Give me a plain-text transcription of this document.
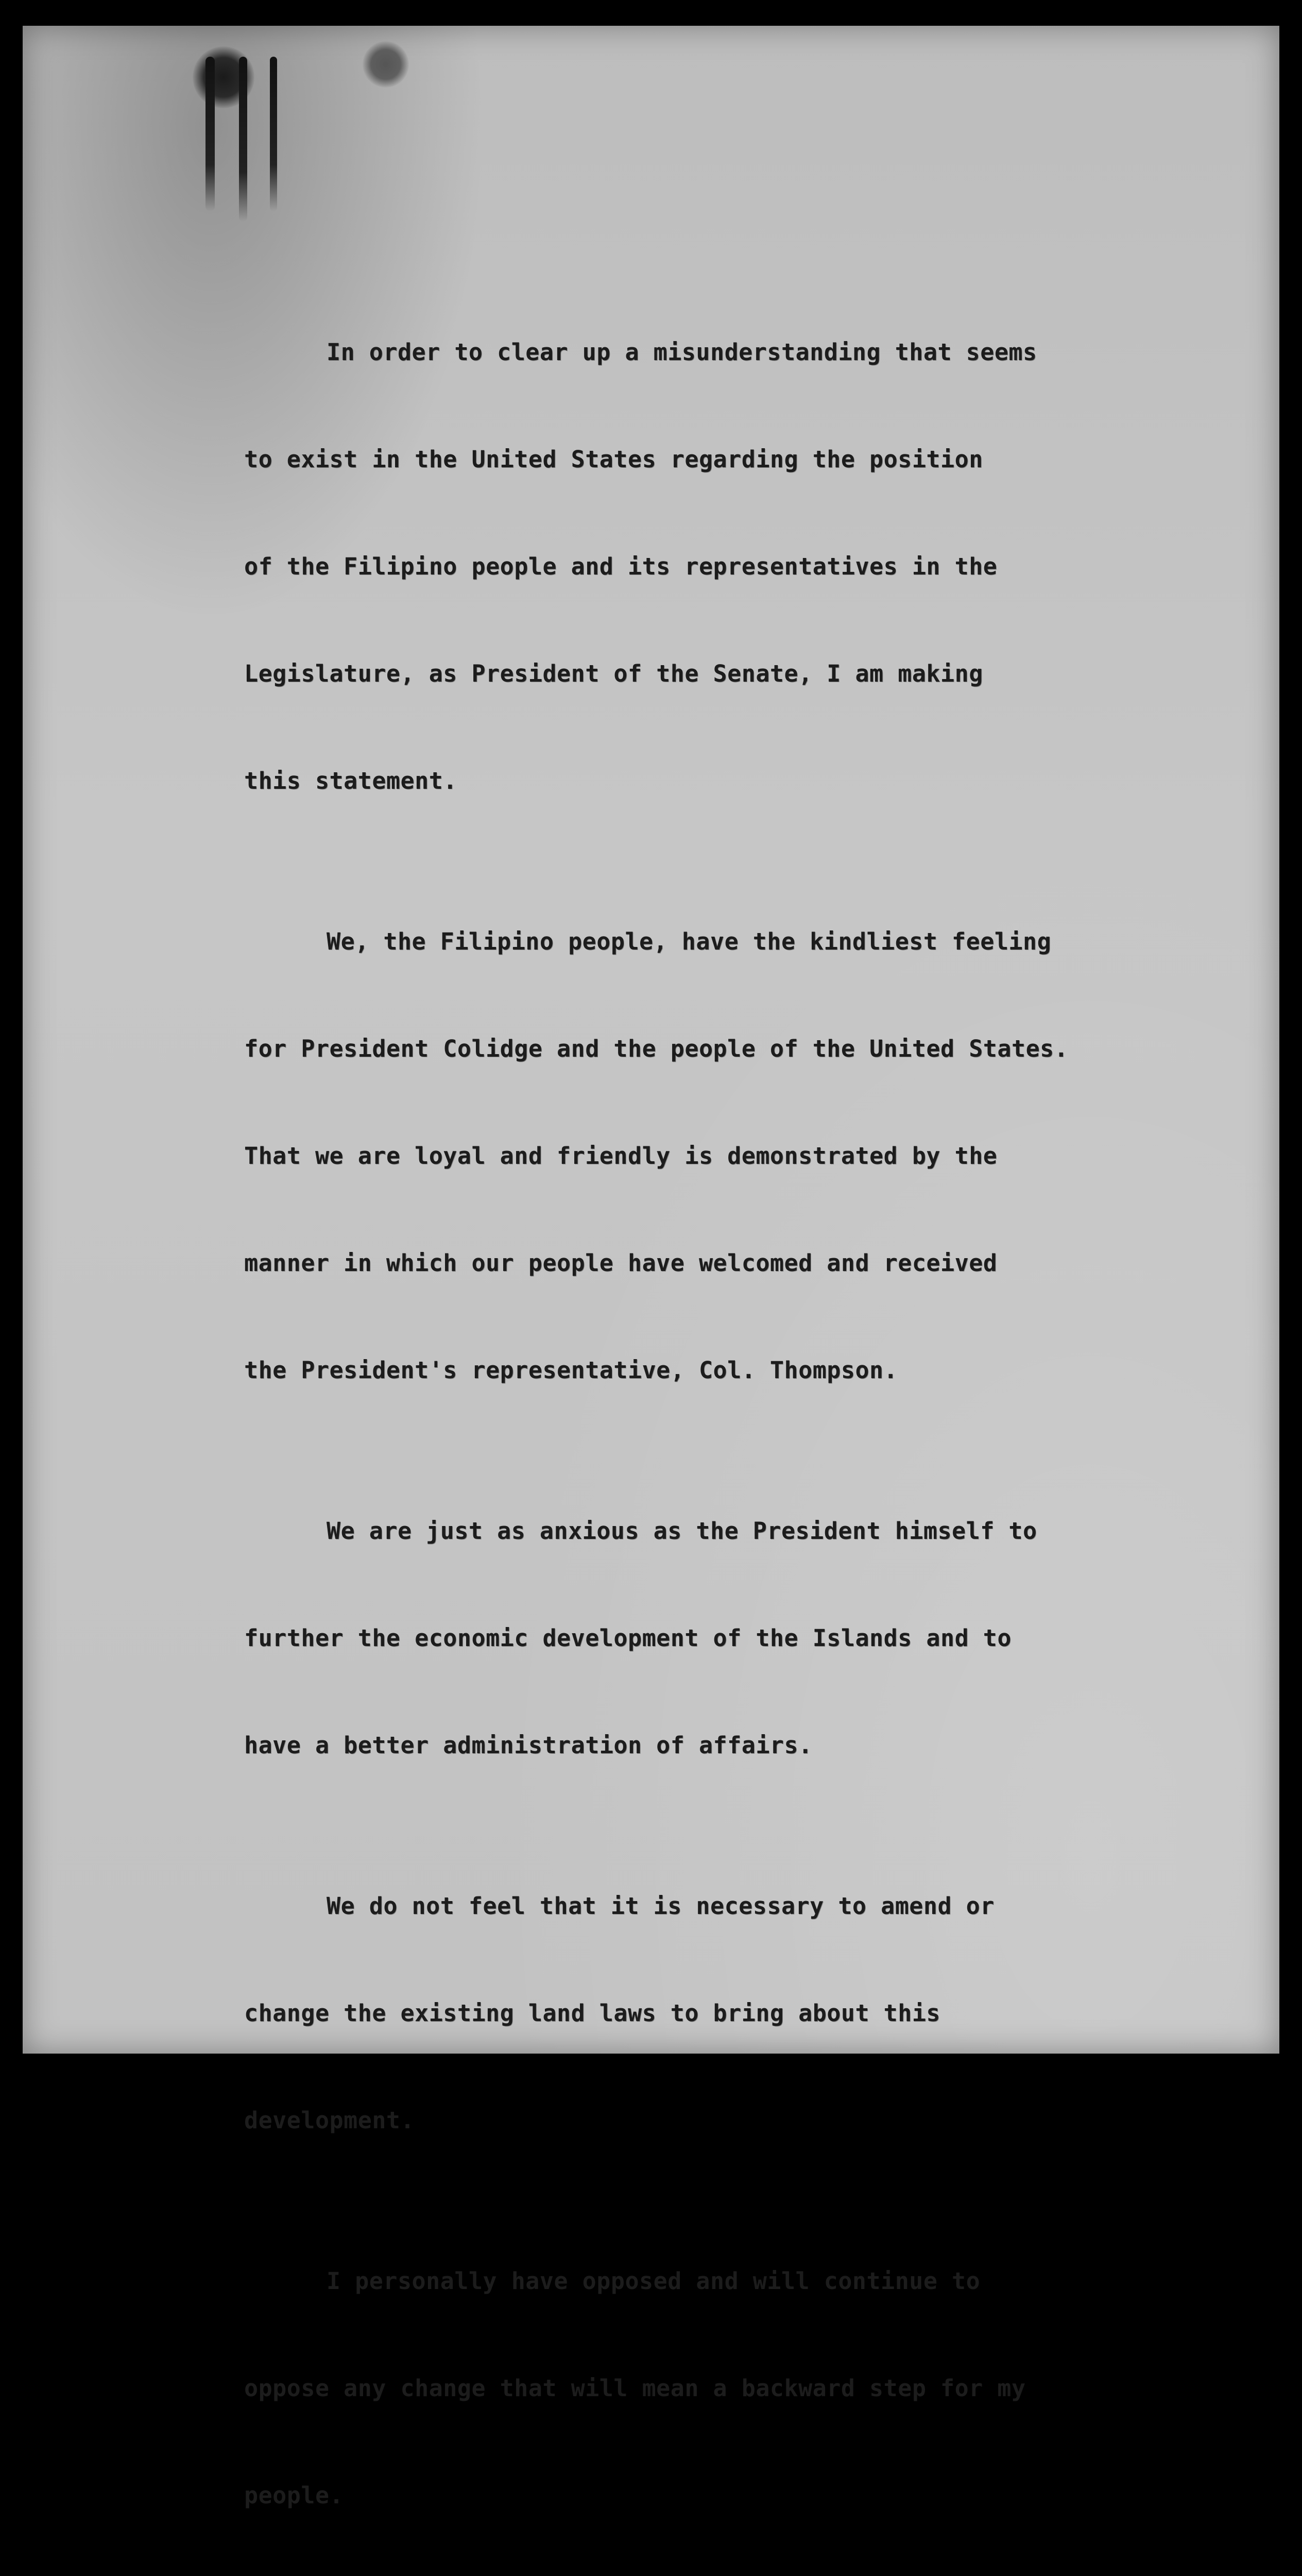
In order to clear up a misunderstanding that seems

to exist in the United States regarding the position

of the Filipino people and its representatives in the

Legislature, as President of the Senate, I am making

this statement.

We, the Filipino people, have the kindliest feeling

for President Colidge and the people of the United States.

That we are loyal and friendly is demonstrated by the

manner in which our people have welcomed and received

the President's representative, Col. Thompson.

We are just as anxious as the President himself to

further the economic development of the Islands and to

have a better administration of affairs.

We do not feel that it is necessary to amend or

change the existing land laws to bring about this

development.

I personally have opposed and will continue to

oppose any change that will mean a backward step for my

people.
